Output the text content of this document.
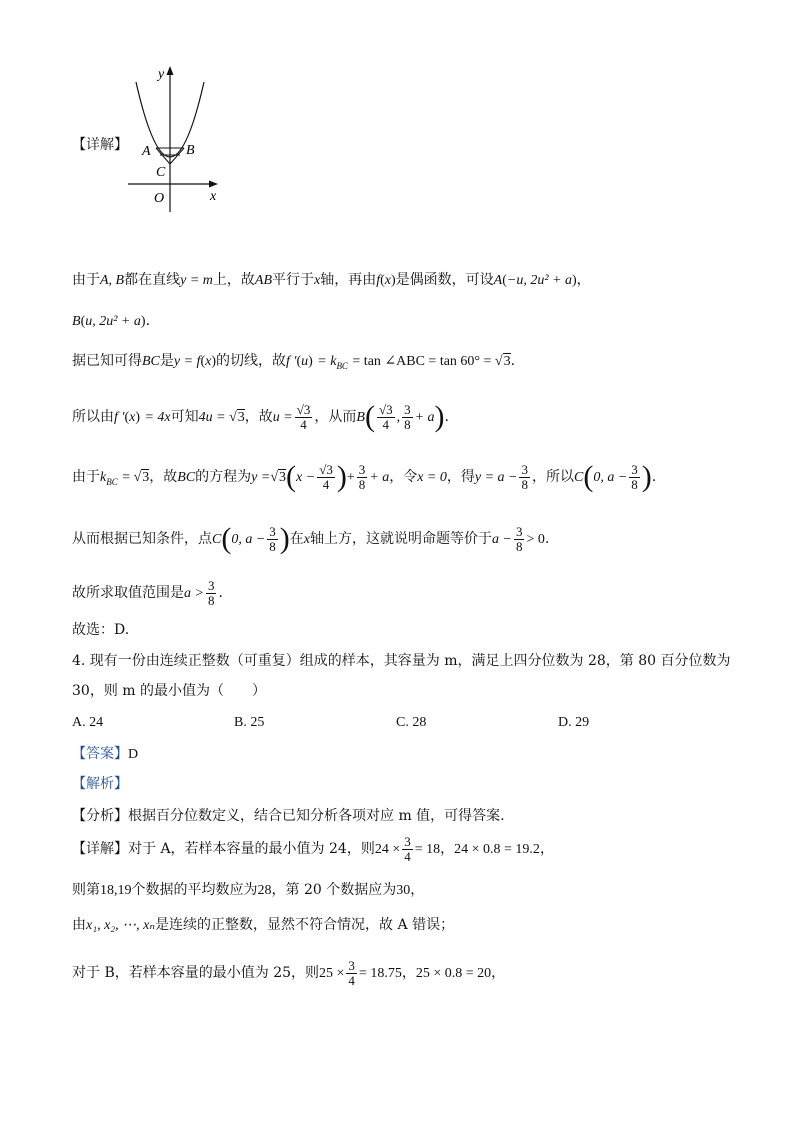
y
x
O
A	B
C
【详解】
由于A, B都在直线y = m上，故AB平行于x轴，再由f(x)是偶函数，可设A(−u, 2u² + a)，
B(u, 2u² + a).
据已知可得BC是y = f(x)的切线，故f $'(u) = k_{BC} = \tan$ ∠ABC = tan 60° = √3.
所以由f ′(x) = 4x可知4u = √3，故$u = \frac{√3}{4}$ ，从而$B( \frac{√3}{4}$ , $\frac{3}{8} + a$).
由于$k_{BC} = √3$，故BC的方程为$y =√3(x - \frac{√3}{4}$ )+ $\frac{3}{8} + a$，令x = 0，得$y = a - \frac{3}{8}$ ，所以C(0, $a - \frac{3}{8}$ ).
从而根据已知条件，点C(0, $a - \frac{3}{8}$ )在x轴上方，这就说明命题等价于$a - \frac{3}{8} > 0$.
故所求取值范围是$a > \frac{3}{8}$ .
故选：D.
4. 现有一份由连续正整数（可重复）组成的样本，其容量为 m，满足上四分位数为 28，第 80 百分位数为
30，则 m 的最小值为（　　）
A. 24	B. 25	C. 28	D. 29
【答案】D
【解析】
【分析】根据百分位数定义，结合已知分析各项对应 m 值，可得答案.
【详解】对于 A，若样本容量的最小值为 24，则$24 \times \frac{3}{4} = 18$，24 × 0.8 = 19.2，
则第18,19个数据的平均数应为28，第 20 个数据应为30，
由x₁, x₂, ⋯, xₙ是连续的正整数，显然不符合情况，故 A 错误；
对于 B，若样本容量的最小值为 25，则$25 \times \frac{3}{4} = 18.75$，25 × 0.8 = 20，
